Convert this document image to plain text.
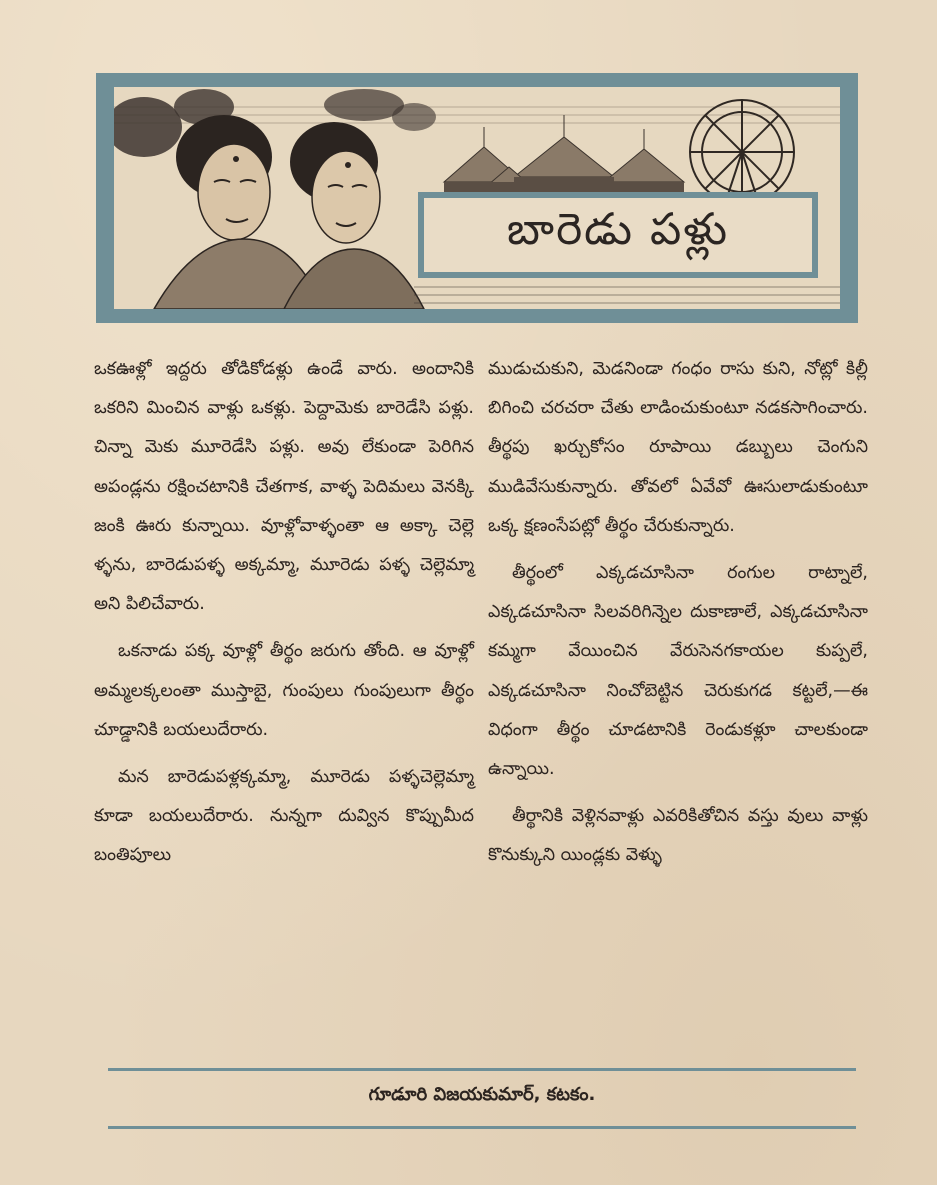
బారెడు పళ్లు

ఒకఊళ్లో ఇద్దరు తోడికోడళ్లు ఉండే వారు. అందానికి ఒకరిని మించిన వాళ్లు ఒకళ్లు. పెద్దామెకు బారెడేసి పళ్లు. చిన్నా మెకు మూరెడేసి పళ్లు. అవు లేకుండా పెరిగిన అపండ్లను రక్షించటానికి చేతగాక, వాళ్ళ పెదిమలు వెనక్కి జంకి ఊరు కున్నాయి. వూళ్లోవాళ్ళంతా ఆ అక్కా చెల్లె ళ్ళను, బారెడుపళ్ళ అక్కమ్మా, మూరెడు పళ్ళ చెల్లెమ్మా అని పిలిచేవారు.

ఒకనాడు పక్క వూళ్లో తీర్థం జరుగు తోంది. ఆ వూళ్లో అమ్మలక్కలంతా ముస్తాబై, గుంపులు గుంపులుగా తీర్థం చూడ్డానికి బయలుదేరారు.

మన బారెడుపళ్లక్కమ్మా, మూరెడు పళ్ళచెల్లెమ్మా కూడా బయలుదేరారు. నున్నగా దువ్విన కొప్పుమీద బంతిపూలు

ముడుచుకుని, మెడనిండా గంధం రాసు కుని, నోట్లో కిల్లీ బిగించి చరచరా చేతు లాడించుకుంటూ నడకసాగించారు. తీర్థపు ఖర్చుకోసం రూపాయి డబ్బులు చెంగుని ముడివేసుకున్నారు. తోవలో ఏవేవో ఊసులాడుకుంటూ ఒక్క క్షణంసేపట్లో తీర్థం చేరుకున్నారు.

తీర్థంలో ఎక్కడచూసినా రంగుల రాట్నాలే, ఎక్కడచూసినా సిలవరిగిన్నెల దుకాణాలే, ఎక్కడచూసినా కమ్మగా వేయించిన వేరుసెనగకాయల కుప్పలే, ఎక్కడచూసినా నించోబెట్టిన చెరుకుగడ కట్టలే,—ఈ విధంగా తీర్థం చూడటానికి రెండుకళ్లూ చాలకుండా ఉన్నాయి.

తీర్థానికి వెళ్లినవాళ్లు ఎవరికితోచిన వస్తు వులు వాళ్లు కొనుక్కుని యిండ్లకు వెళ్ళు

గూడూరి విజయకుమార్, కటకం.
